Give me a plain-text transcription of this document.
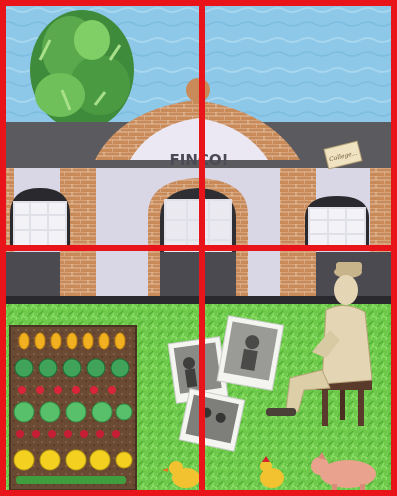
FINCO!	College...
